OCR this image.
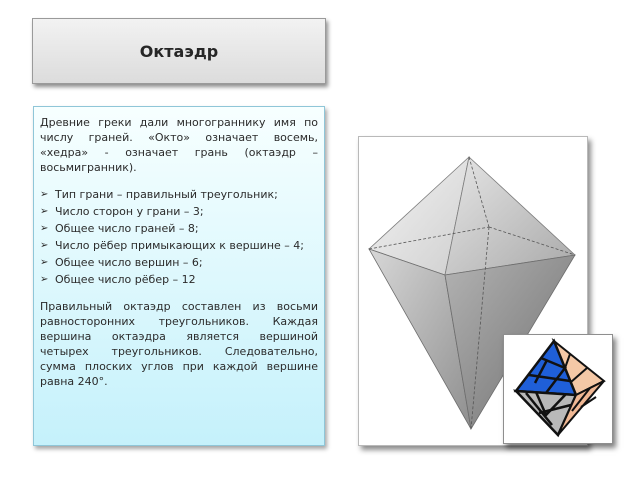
Октаэдр

Древние греки дали многограннику имя по числу граней. «Окто» означает восемь, «хедра» - означает грань (октаэдр – восьмигранник).

➢ Тип грани – правильный треугольник;
➢ Число сторон у грани – 3;
➢ Общее число граней – 8;
➢ Число рёбер примыкающих к вершине – 4;
➢ Общее число вершин – 6;
➢ Общее число рёбер – 12

Правильный октаэдр составлен из восьми равносторонних треугольников. Каждая вершина октаэдра является вершиной четырех треугольников. Следовательно, сумма плоских углов при каждой вершине равна 240°.
